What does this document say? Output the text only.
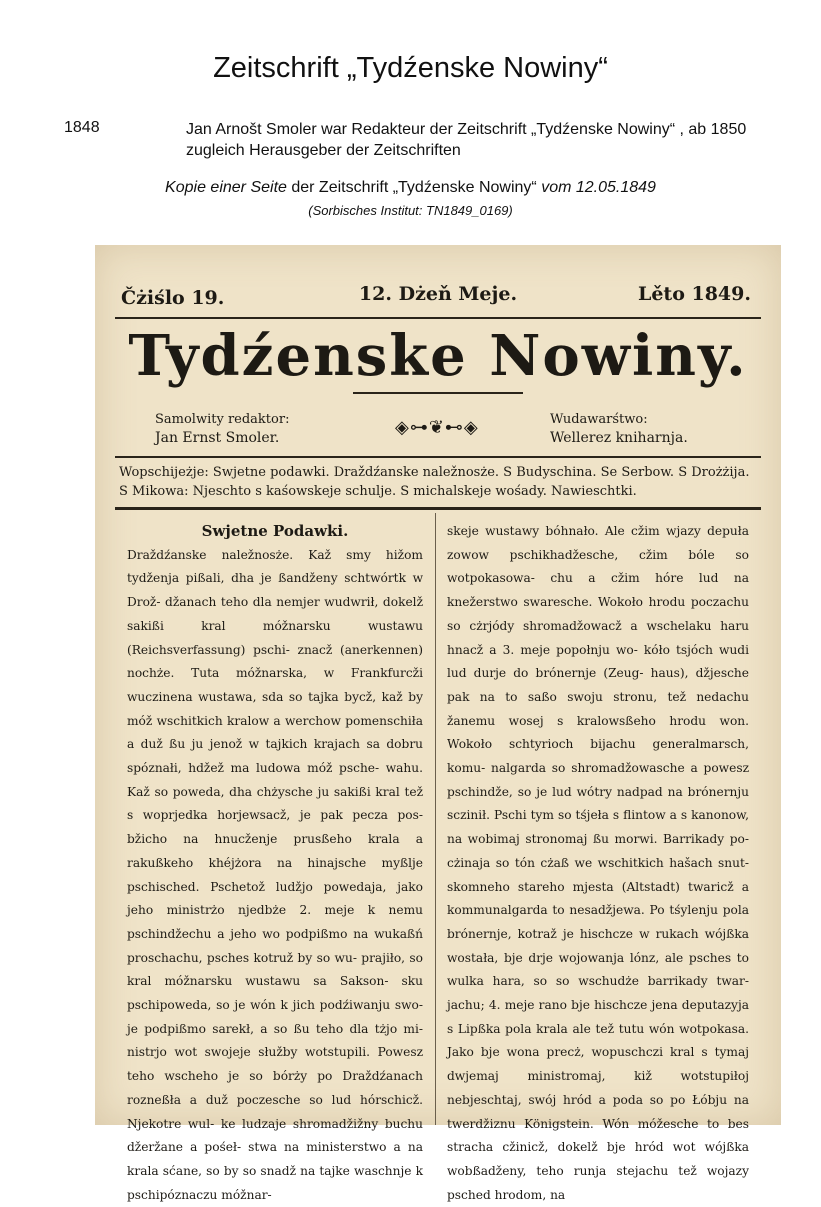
Zeitschrift „Tydźenske Nowiny“
1848	Jan Arnošt Smoler war Redakteur der Zeitschrift „Tydźenske Nowiny“ , ab 1850
zugleich Herausgeber der Zeitschriften
Kopie einer Seite der Zeitschrift „Tydźenske Nowiny“ vom 12.05.1849
(Sorbisches Institut: TN1849_0169)
Čżiślo 19.	12. Dżeň Meje.	Lěto 1849.
Tydźenske Nowiny.
Samolwity redaktor:
Jan Ernst Smoler.	◈⊶❦⊷◈	Wudawarśtwo:
Wellerez kniharnja.
Wopschijeżje: Swjetne podawki. Draždźanske naležnosże. S Budyschina. Se Serbow. S Drożżija. S Mikowa: Njeschto s kaśowskeje schulje. S michalskeje wośady. Nawieschtki.
Swjetne Podawki.

Draždźanske naležnosże. Kaž smy hižom tydženja pißali, dha je ßandženy schtwórtk w Drož- džanach teho dla nemjer wudwrił, dokelž sakißi kral móžnarsku wustawu (Reichsverfassung) pschi- znacž (anerkennen) nochże. Tuta móžnarska, w Frankfurcži wuczinena wustawa, sda so tajka bycž, kaž by móž wschitkich kralow a werchow pomenschiła a duž ßu ju jenož w tajkich krajach sa dobru spóznałi, hdžež ma ludowa móž psche- wahu. Kaž so poweda, dha chżysche ju sakißi kral tež s woprjedka horjewsacž, je pak pecza pos- bžicho na hnucženje prusßeho krala a rakußkeho khéjżora na hinajsche myßlje pschisched. Pschetož ludžjo powedaja, jako jeho ministrżo njedbże 2. meje k nemu pschindžechu a jeho wo podpißmo na wukaßń proschachu, psches kotruž by so wu- prajiło, so kral móžnarsku wustawu sa Sakson- sku pschipoweda, so je wón k jich podźiwanju swo- je podpißmo sarekł, a so ßu teho dla tżjo mi- nistrjo wot swojeje słužby wotstupili. Powesz teho wscheho je so bórży po Draždźanach rozneßła a duž poczesche so lud hórschicž. Njekotre wul- ke ludzaje shromadžižny buchu džeržane a pośeł- stwa na ministerstwo a na krala sćane, so by so snadž na tajke waschnje k pschipóznaczu móžnar-

skeje wustawy bóhnało. Ale cžim wjazy depuła zowow pschikhadžesche, cžim bóle so wotpokasowa- chu a cžim hóre lud na knežerstwo swaresche. Wokoło hrodu poczachu so cżrjódy shromadžowacž a wschelaku haru hnacž a 3. meje popołnju wo- kóło tsjóch wudi lud durje do brónernje (Zeug- haus), džjesche pak na to saßo swoju stronu, tež nedachu žanemu wosej s kralowsßeho hrodu won. Wokoło schtyrioch bijachu generalmarsch, komu- nalgarda so shromadžowasche a powesz pschindže, so je lud wótry nadpad na brónernju sczinił. Pschi tym so tśjeła s flintow a s kanonow, na wobimaj stronomaj ßu morwi. Barrikady po- cżinaja so tón cżaß we wschitkich hašach snut- skomneho stareho mjesta (Altstadt) twaricž a kommunalgarda to nesadžjewa. Po tśylenju pola brónernje, kotraž je hischcze w rukach wójßka wostała, bje drje wojowanja lónz, ale psches to wulka hara, so so wschudże barrikady twar- jachu; 4. meje rano bje hischcze jena deputazyja s Lipßka pola krala ale tež tutu wón wotpokasa. Jako bje wona precż, wopuschczi kral s tymaj dwjemaj ministromaj, kiž wotstupiłoj nebjeschtaj, swój hród a poda so po Łóbju na twerdžiznu Königstein. Wón móžesche to bes stracha cžinicž, dokelž bje hród wot wójßka wobßadženy, teho runja stejachu tež wojazy psched hrodom, na
